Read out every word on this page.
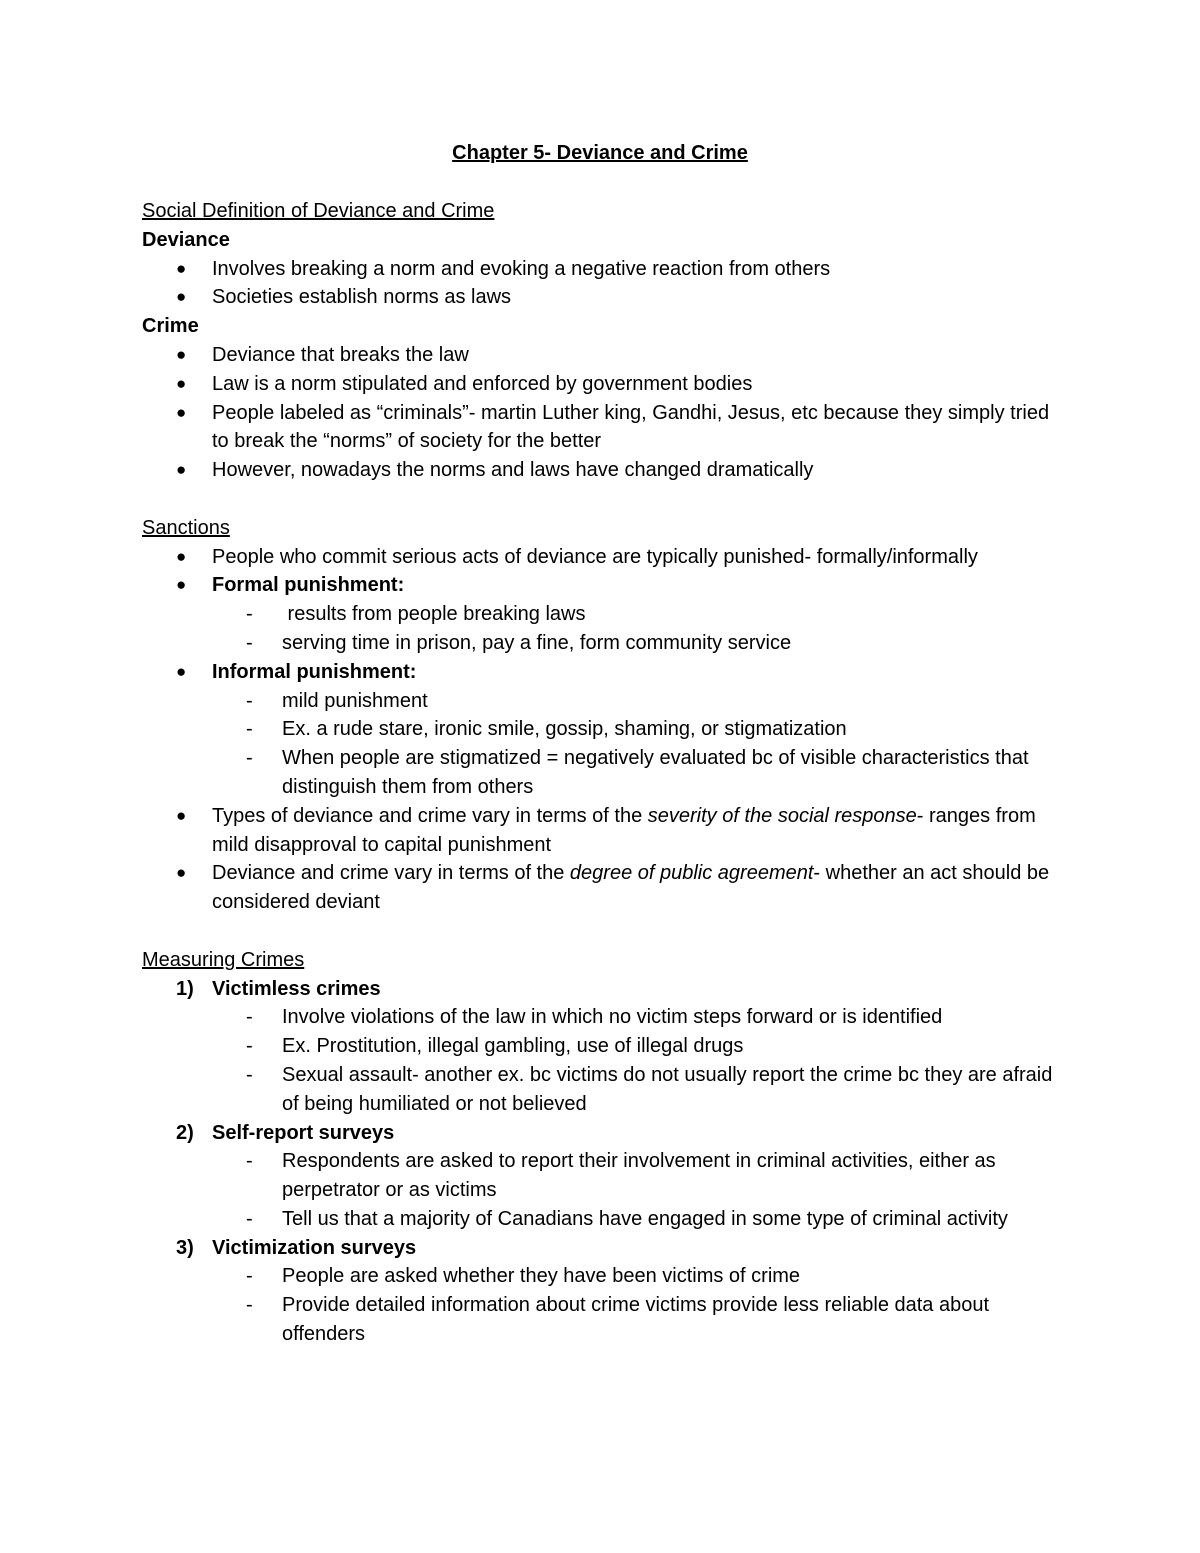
Chapter 5- Deviance and Crime
Social Definition of Deviance and Crime
Deviance
● Involves breaking a norm and evoking a negative reaction from others
● Societies establish norms as laws
Crime
● Deviance that breaks the law
● Law is a norm stipulated and enforced by government bodies
● People labeled as “criminals”- martin Luther king, Gandhi, Jesus, etc because they simply tried to break the “norms” of society for the better
● However, nowadays the norms and laws have changed dramatically
Sanctions
● People who commit serious acts of deviance are typically punished- formally/informally
● Formal punishment:
-  results from people breaking laws
- serving time in prison, pay a fine, form community service
● Informal punishment:
- mild punishment
- Ex. a rude stare, ironic smile, gossip, shaming, or stigmatization
- When people are stigmatized = negatively evaluated bc of visible characteristics that distinguish them from others
● Types of deviance and crime vary in terms of the severity of the social response- ranges from mild disapproval to capital punishment
● Deviance and crime vary in terms of the degree of public agreement- whether an act should be considered deviant
Measuring Crimes
1) Victimless crimes
- Involve violations of the law in which no victim steps forward or is identified
- Ex. Prostitution, illegal gambling, use of illegal drugs
- Sexual assault- another ex. bc victims do not usually report the crime bc they are afraid of being humiliated or not believed
2) Self-report surveys
- Respondents are asked to report their involvement in criminal activities, either as perpetrator or as victims
- Tell us that a majority of Canadians have engaged in some type of criminal activity
3) Victimization surveys
- People are asked whether they have been victims of crime
- Provide detailed information about crime victims provide less reliable data about offenders
